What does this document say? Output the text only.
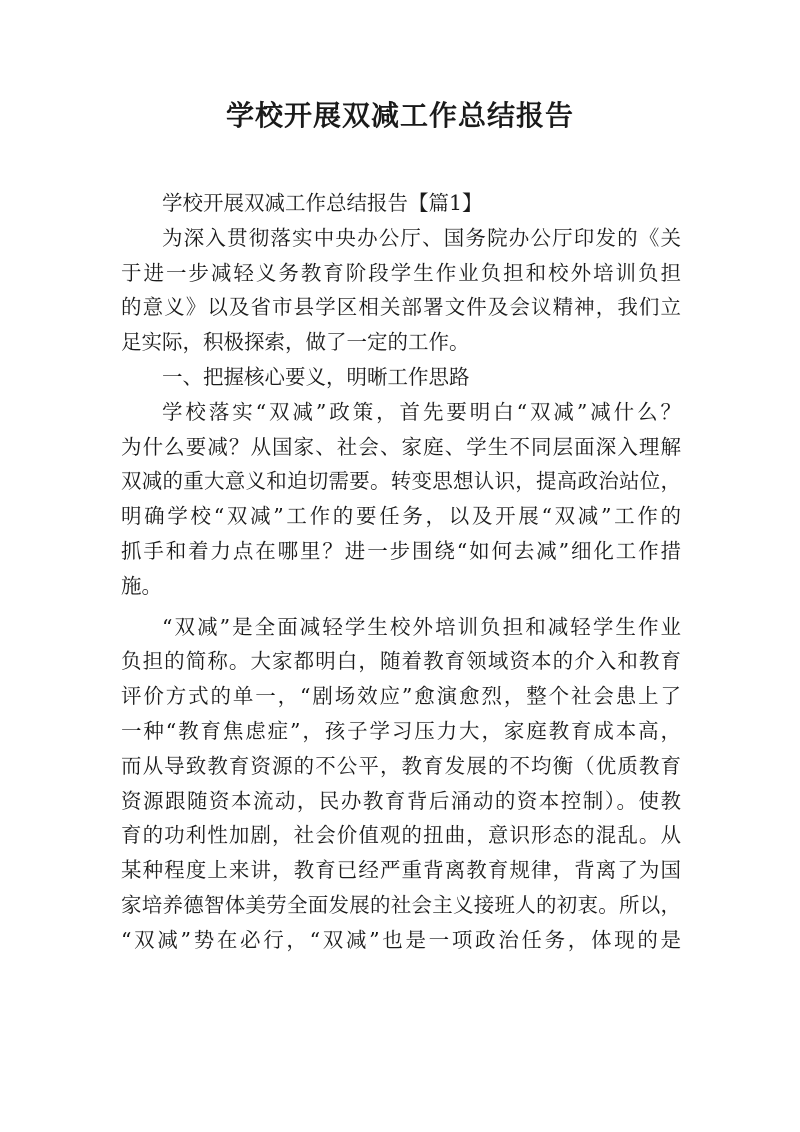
学校开展双减工作总结报告
学校开展双减工作总结报告【篇1】
为深入贯彻落实中央办公厅、国务院办公厅印发的《关
于进一步减轻义务教育阶段学生作业负担和校外培训负担
的意义》以及省市县学区相关部署文件及会议精神，我们立
足实际，积极探索，做了一定的工作。
一、把握核心要义，明晰工作思路
学校落实“双减”政策，首先要明白“双减”减什么？
为什么要减？从国家、社会、家庭、学生不同层面深入理解
双减的重大意义和迫切需要。转变思想认识，提高政治站位，
明确学校“双减”工作的要任务，以及开展“双减”工作的
抓手和着力点在哪里？进一步围绕“如何去减”细化工作措
施。
“双减”是全面减轻学生校外培训负担和减轻学生作业
负担的简称。大家都明白，随着教育领域资本的介入和教育
评价方式的单一，“剧场效应”愈演愈烈，整个社会患上了
一种“教育焦虑症”，孩子学习压力大，家庭教育成本高，
而从导致教育资源的不公平，教育发展的不均衡（优质教育
资源跟随资本流动，民办教育背后涌动的资本控制）。使教
育的功利性加剧，社会价值观的扭曲，意识形态的混乱。从
某种程度上来讲，教育已经严重背离教育规律，背离了为国
家培养德智体美劳全面发展的社会主义接班人的初衷。所以，
“双减”势在必行，“双减”也是一项政治任务，体现的是
